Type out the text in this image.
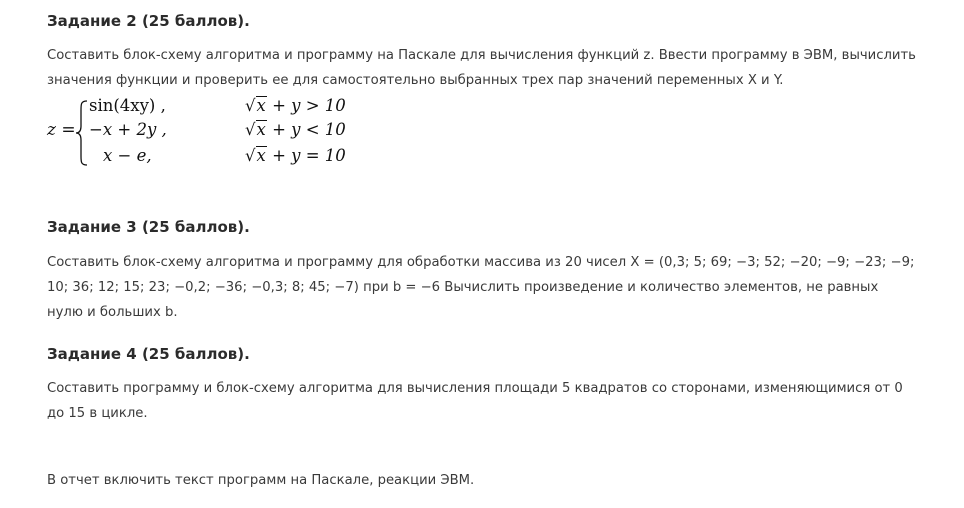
Задание 2 (25 баллов).

Составить блок-схему алгоритма и программу на Паскале для вычисления функций z. Ввести программу в ЭВМ, вычислить значения функции и проверить ее для самостоятельно выбранных трех пар значений переменных X и Y.

z =
sin(4xy) ,
−x + 2y ,
x − e,
√x + y > 10
√x + y < 10
√x + y = 10
Задание 3 (25 баллов).

Составить блок-схему алгоритма и программу для обработки массива из 20 чисел X = (0,3; 5; 69; −3; 52; −20; −9; −23; −9; 10; 36; 12; 15; 23; −0,2; −36; −0,3; 8; 45; −7) при b = −6 Вычислить произведение и количество элементов, не равных нулю и больших b.

Задание 4 (25 баллов).

Составить программу и блок-схему алгоритма для вычисления площади 5 квадратов со сторонами, изменяющимися от 0 до 15 в цикле.

В отчет включить текст программ на Паскале, реакции ЭВМ.
